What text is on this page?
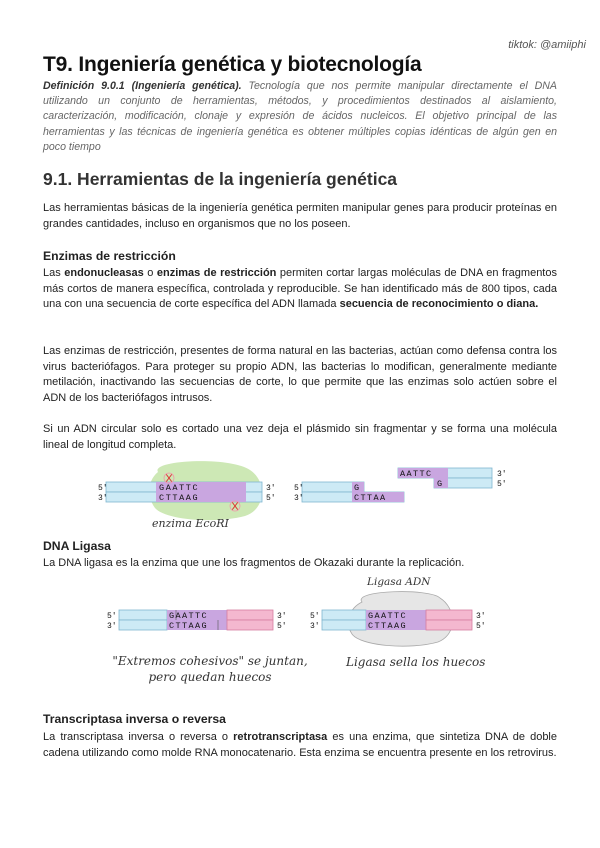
tiktok: @amiiphi
T9. Ingeniería genética y biotecnología
Definición 9.0.1 (Ingeniería genética). Tecnología que nos permite manipular directamente el DNA utilizando un conjunto de herramientas, métodos, y procedimientos destinados al aislamiento, caracterización, modificación, clonaje y expresión de ácidos nucleicos. El objetivo principal de las herramientas y las técnicas de ingeniería genética es obtener múltiples copias idénticas de algún gen en poco tiempo
9.1. Herramientas de la ingeniería genética
Las herramientas básicas de la ingeniería genética permiten manipular genes para producir proteínas en grandes cantidades, incluso en organismos que no los poseen.
Enzimas de restricción
Las endonucleasas o enzimas de restricción permiten cortar largas moléculas de DNA en fragmentos más cortos de manera específica, controlada y reproducible. Se han identificado más de 800 tipos, cada una con una secuencia de corte específica del ADN llamada secuencia de reconocimiento o diana.
Las enzimas de restricción, presentes de forma natural en las bacterias, actúan como defensa contra los virus bacteriófagos. Para proteger su propio ADN, las bacterias lo modifican, generalmente mediante metilación, inactivando las secuencias de corte, lo que permite que las enzimas solo actúen sobre el ADN de los bacteriófagos intrusos.
Si un ADN circular solo es cortado una vez deja el plásmido sin fragmentar y se forma una molécula lineal de longitud completa.
5'
3'
3'
5'
GAATTC
CTTAAG
G
CTTAA
5'
3'
AATTC
G
3'
5'
enzima EcoRI
DNA Ligasa
La DNA ligasa es la enzima que une los fragmentos de Okazaki durante la replicación.
GAATTC
CTTAAG
5'
3'
3'
5'
GAATTC
CTTAAG
5'
3'
3'
5'
Ligasa ADN
"Extremos cohesivos" se juntan,
pero quedan huecos
Ligasa sella los huecos
Transcriptasa inversa o reversa
La transcriptasa inversa o reversa o retrotranscriptasa es una enzima, que sintetiza DNA de doble cadena utilizando como molde RNA monocatenario. Esta enzima se encuentra presente en los retrovirus.
